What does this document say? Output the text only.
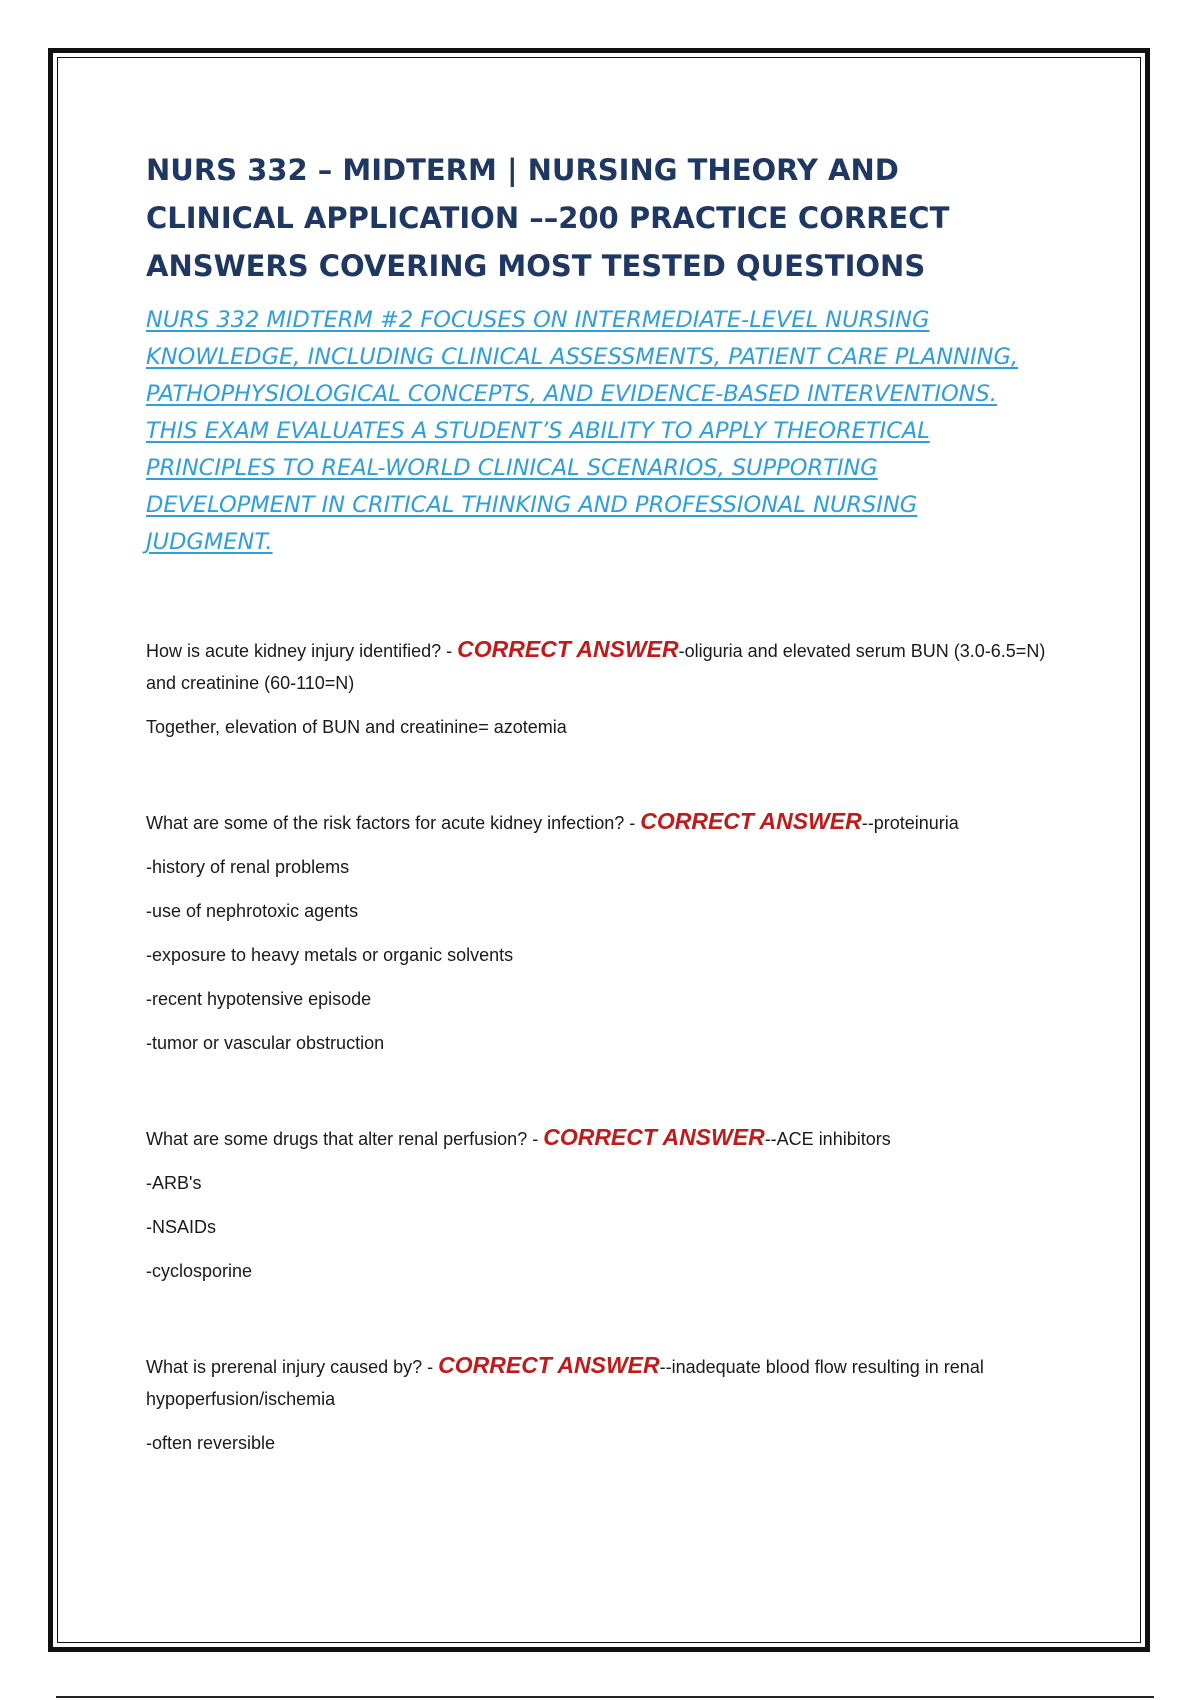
NURS 332 – MIDTERM | NURSING THEORY AND CLINICAL APPLICATION ––200 PRACTICE CORRECT ANSWERS COVERING MOST TESTED QUESTIONS

NURS 332 MIDTERM #2 FOCUSES ON INTERMEDIATE-LEVEL NURSING KNOWLEDGE, INCLUDING CLINICAL ASSESSMENTS, PATIENT CARE PLANNING, PATHOPHYSIOLOGICAL CONCEPTS, AND EVIDENCE-BASED INTERVENTIONS. THIS EXAM EVALUATES A STUDENT’S ABILITY TO APPLY THEORETICAL PRINCIPLES TO REAL-WORLD CLINICAL SCENARIOS, SUPPORTING DEVELOPMENT IN CRITICAL THINKING AND PROFESSIONAL NURSING JUDGMENT.

How is acute kidney injury identified? - CORRECT ANSWER-oliguria and elevated serum BUN (3.0-6.5=N) and creatinine (60-110=N)

Together, elevation of BUN and creatinine= azotemia

What are some of the risk factors for acute kidney infection? - CORRECT ANSWER--proteinuria

-history of renal problems

-use of nephrotoxic agents

-exposure to heavy metals or organic solvents

-recent hypotensive episode

-tumor or vascular obstruction

What are some drugs that alter renal perfusion? - CORRECT ANSWER--ACE inhibitors

-ARB's

-NSAIDs

-cyclosporine

What is prerenal injury caused by? - CORRECT ANSWER--inadequate blood flow resulting in renal hypoperfusion/ischemia

-often reversible
